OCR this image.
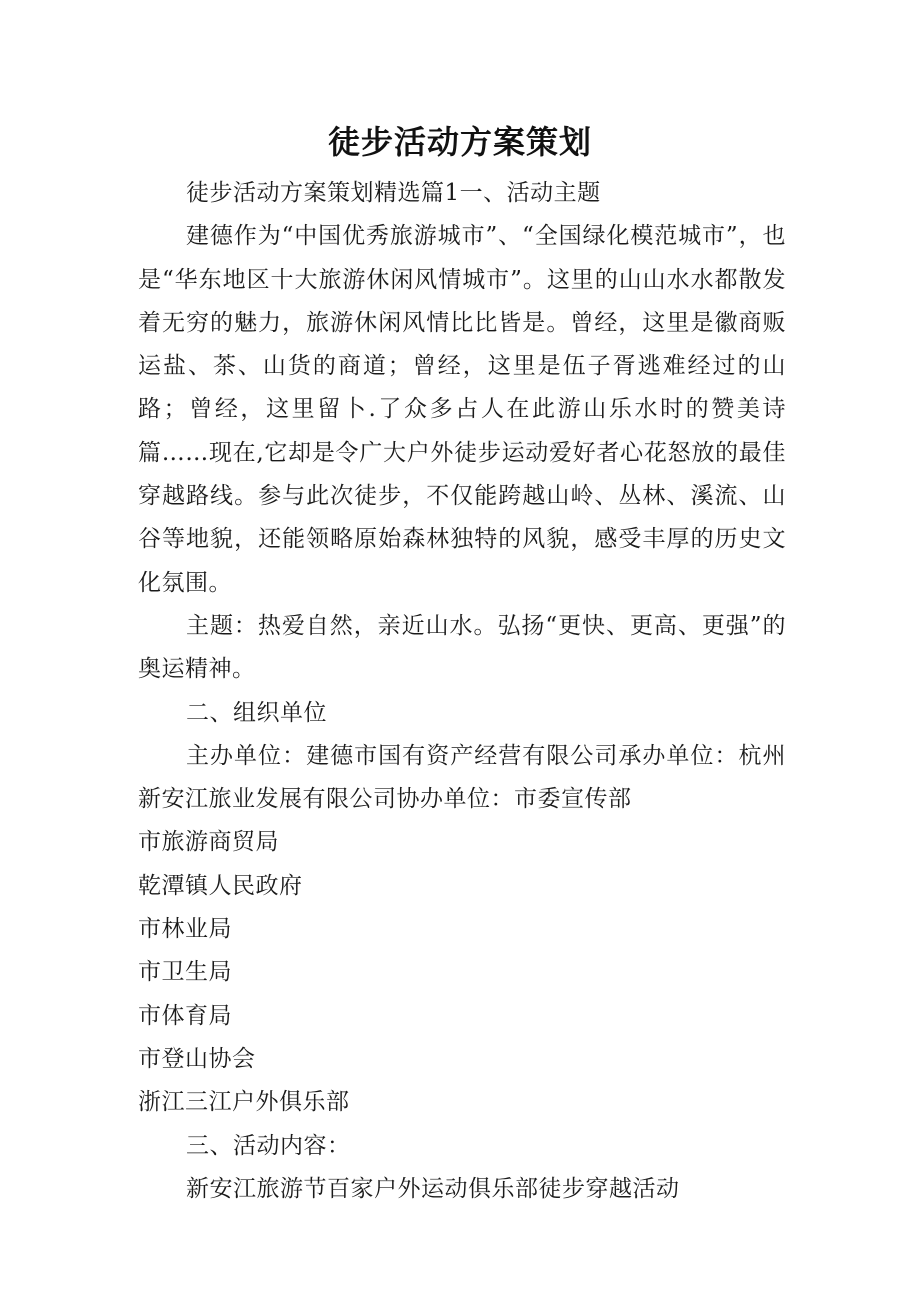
徒步活动方案策划

徒步活动方案策划精选篇1一、活动主题

建德作为“中国优秀旅游城市”、“全国绿化模范城市”，也是“华东地区十大旅游休闲风情城市”。这里的山山水水都散发着无穷的魅力，旅游休闲风情比比皆是。曾经，这里是徽商贩运盐、茶、山货的商道；曾经，这里是伍子胥逃难经过的山路；曾经，这里留卜.了众多占人在此游山乐水时的赞美诗篇……现在,它却是令广大户外徒步运动爱好者心花怒放的最佳穿越路线。参与此次徒步，不仅能跨越山岭、丛林、溪流、山谷等地貌，还能领略原始森林独特的风貌，感受丰厚的历史文化氛围。

主题：热爱自然，亲近山水。弘扬“更快、更高、更强”的奥运精神。

二、组织单位

主办单位：建德市国有资产经营有限公司承办单位：杭州新安江旅业发展有限公司协办单位：市委宣传部

市旅游商贸局

乾潭镇人民政府

市林业局

市卫生局

市体育局

市登山协会

浙江三江户外俱乐部

三、活动内容：

新安江旅游节百家户外运动俱乐部徒步穿越活动
